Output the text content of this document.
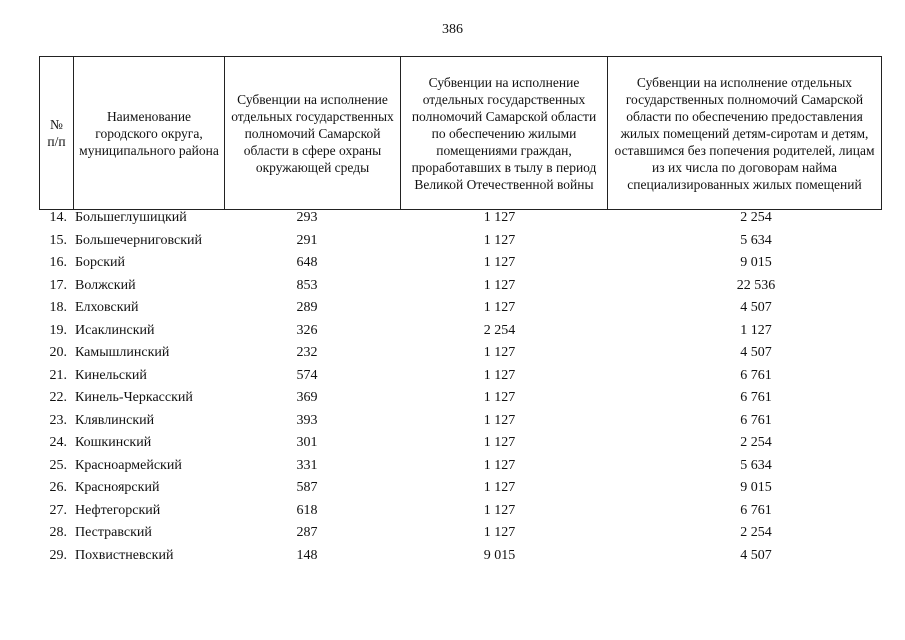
386
№ п/п	Наименование городского округа, муниципального района	Субвенции на исполнение отдельных государственных полномочий Самарской области в сфере охраны окружающей среды	Субвенции на исполнение отдельных государственных полномочий Самарской области по обеспечению жилыми помещениями граждан, проработавших в тылу в период Великой Отечественной войны	Субвенции на исполнение отдельных государственных полномочий Самарской области по обеспечению предоставления жилых помещений детям-сиротам и детям, оставшимся без попечения родителей, лицам из их числа по договорам найма специализированных жилых помещений
14.	Большеглушицкий	293	1 127	2 254
15.	Большечерниговский	291	1 127	5 634
16.	Борский	648	1 127	9 015
17.	Волжский	853	1 127	22 536
18.	Елховский	289	1 127	4 507
19.	Исаклинский	326	2 254	1 127
20.	Камышлинский	232	1 127	4 507
21.	Кинельский	574	1 127	6 761
22.	Кинель-Черкасский	369	1 127	6 761
23.	Клявлинский	393	1 127	6 761
24.	Кошкинский	301	1 127	2 254
25.	Красноармейский	331	1 127	5 634
26.	Красноярский	587	1 127	9 015
27.	Нефтегорский	618	1 127	6 761
28.	Пестравский	287	1 127	2 254
29.	Похвистневский	148	9 015	4 507
